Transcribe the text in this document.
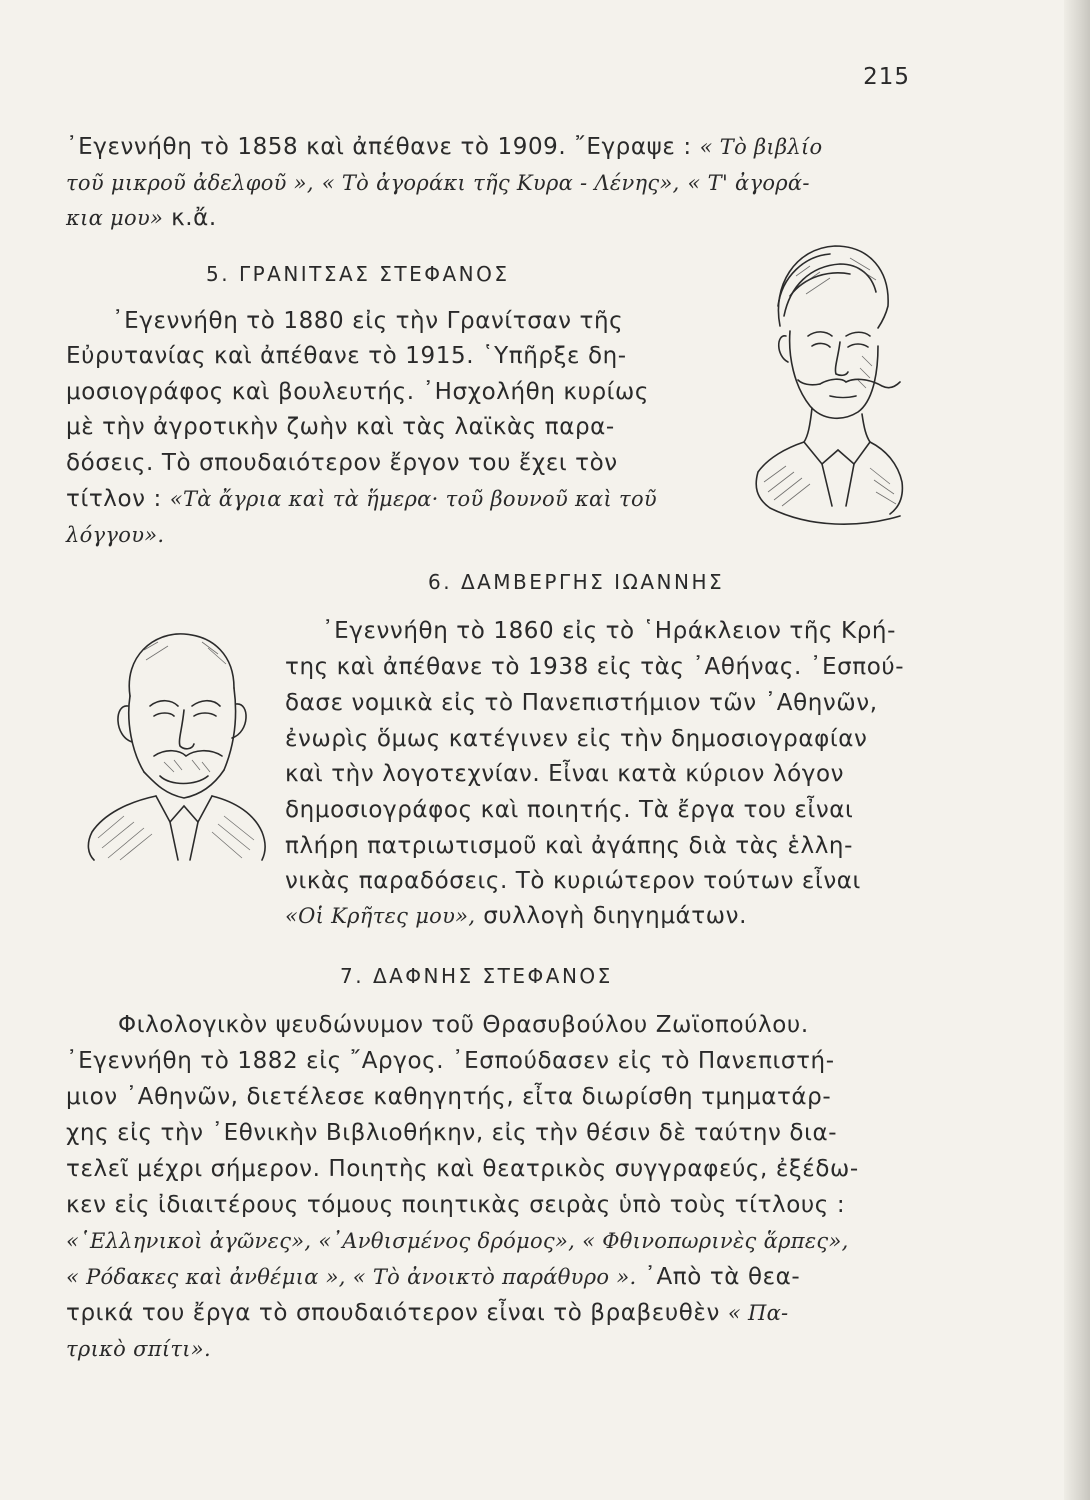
215
᾿Εγεννήθη τὸ 1858 καὶ ἀπέθανε τὸ 1909. ῎Εγραψε : « Τὸ βιβλίο
τοῦ μικροῦ ἀδελφοῦ », « Τὸ ἀγοράκι τῆς Κυρα - Λένης», « Τ' ἀγορά-
κια μου» κ.ἄ.
5. ΓΡΑΝΙΤΣΑΣ ΣΤΕΦΑΝΟΣ
᾿Εγεννήθη τὸ 1880 εἰς τὴν Γρανίτσαν τῆς
Εὐρυτανίας καὶ ἀπέθανε τὸ 1915. ῾Υπῆρξε δη-
μοσιογράφος καὶ βουλευτής. ᾿Ησχολήθη κυρίως
μὲ τὴν ἀγροτικὴν ζωὴν καὶ τὰς λαϊκὰς παρα-
δόσεις. Τὸ σπουδαιότερον ἔργον του ἔχει τὸν
τίτλον : «Τὰ ἄγρια καὶ τὰ ἥμερα· τοῦ βουνοῦ καὶ τοῦ
λόγγου».
6. ΔΑΜΒΕΡΓΗΣ ΙΩΑΝΝΗΣ
᾿Εγεννήθη τὸ 1860 εἰς τὸ ῾Ηράκλειον τῆς Κρή-
της καὶ ἀπέθανε τὸ 1938 εἰς τὰς ᾿Αθήνας. ᾿Εσπού-
δασε νομικὰ εἰς τὸ Πανεπιστήμιον τῶν ᾿Αθηνῶν,
ἐνωρὶς ὅμως κατέγινεν εἰς τὴν δημοσιογραφίαν
καὶ τὴν λογοτεχνίαν. Εἶναι κατὰ κύριον λόγον
δημοσιογράφος καὶ ποιητής. Τὰ ἔργα του εἶναι
πλήρη πατριωτισμοῦ καὶ ἀγάπης διὰ τὰς ἑλλη-
νικὰς παραδόσεις. Τὸ κυριώτερον τούτων εἶναι
«Οἱ Κρῆτες μου», συλλογὴ διηγημάτων.
7. ΔΑΦΝΗΣ ΣΤΕΦΑΝΟΣ
Φιλολογικὸν ψευδώνυμον τοῦ Θρασυβούλου Ζωϊοπούλου.
᾿Εγεννήθη τὸ 1882 εἰς ῎Αργος. ᾿Εσπούδασεν εἰς τὸ Πανεπιστή-
μιον ᾿Αθηνῶν, διετέλεσε καθηγητής, εἶτα διωρίσθη τμηματάρ-
χης εἰς τὴν ᾿Εθνικὴν Βιβλιοθήκην, εἰς τὴν θέσιν δὲ ταύτην δια-
τελεῖ μέχρι σήμερον. Ποιητὴς καὶ θεατρικὸς συγγραφεύς, ἐξέδω-
κεν εἰς ἰδιαιτέρους τόμους ποιητικὰς σειρὰς ὑπὸ τοὺς τίτλους :
«῾Ελληνικοὶ ἀγῶνες», «᾿Ανθισμένος δρόμος», « Φθινοπωρινὲς ἅρπες»,
« Ρόδακες καὶ ἀνθέμια », « Τὸ ἀνοικτὸ παράθυρο ». ᾿Απὸ τὰ θεα-
τρικά του ἔργα τὸ σπουδαιότερον εἶναι τὸ βραβευθὲν « Πα-
τρικὸ σπίτι».
